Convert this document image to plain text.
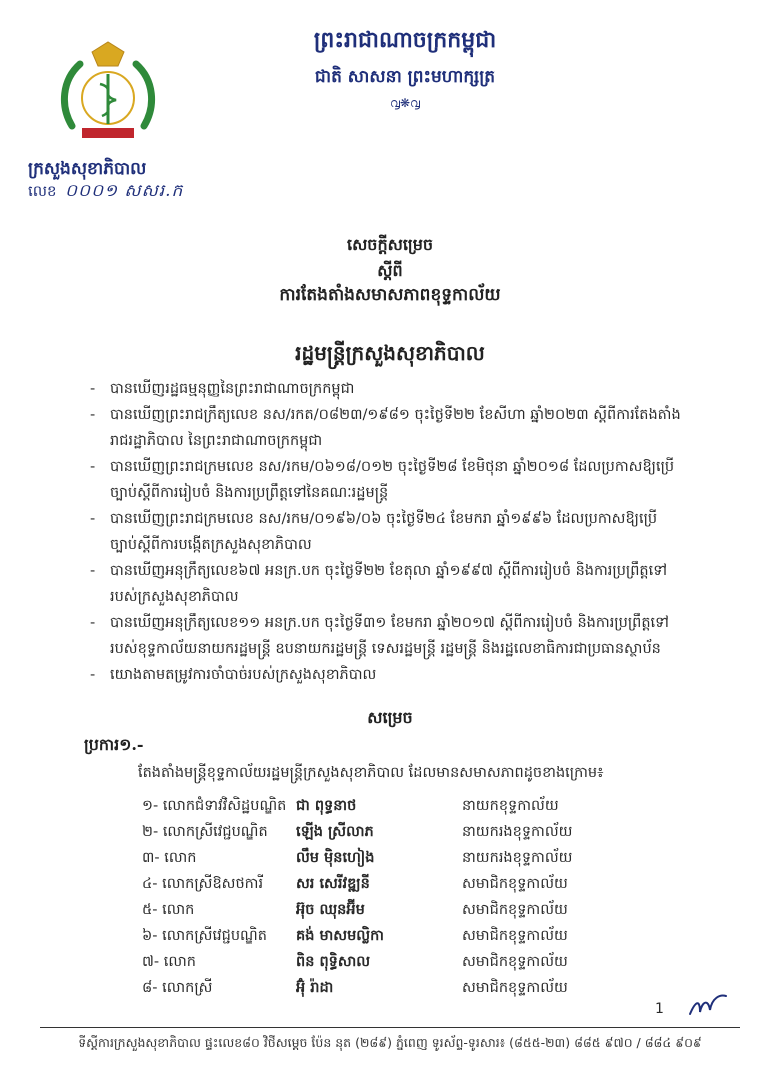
ព្រះរាជាណាចក្រកម្ពុជា
ជាតិ សាសនា ព្រះមហាក្សត្រ
൮❋൮
ក្រសួងសុខាភិបាល
លេខ ០០០១ សសរ.ក
សេចក្តីសម្រេច
ស្តីពី
ការតែងតាំងសមាសភាពខុទ្ទកាល័យ
រដ្ឋមន្ត្រីក្រសួងសុខាភិបាល
- បានឃើញរដ្ឋធម្មនុញ្ញនៃព្រះរាជាណាចក្រកម្ពុជា
- បានឃើញព្រះរាជក្រឹត្យលេខ នស/រកត/០៨២៣/១៩៨១ ចុះថ្ងៃទី២២ ខែសីហា ឆ្នាំ២០២៣ ស្តីពីការតែងតាំងរាជរដ្ឋាភិបាល នៃព្រះរាជាណាចក្រកម្ពុជា
- បានឃើញព្រះរាជក្រមលេខ នស/រកម/០៦១៨/០១២ ចុះថ្ងៃទី២៨ ខែមិថុនា ឆ្នាំ២០១៨ ដែលប្រកាសឱ្យប្រើច្បាប់ស្តីពីការរៀបចំ និងការប្រព្រឹត្តទៅនៃគណៈរដ្ឋមន្ត្រី
- បានឃើញព្រះរាជក្រមលេខ នស/រកម/០១៩៦/០៦ ចុះថ្ងៃទី២៤ ខែមករា ឆ្នាំ១៩៩៦ ដែលប្រកាសឱ្យប្រើច្បាប់ស្តីពីការបង្កើតក្រសួងសុខាភិបាល
- បានឃើញអនុក្រឹត្យលេខ៦៧ អនក្រ.បក ចុះថ្ងៃទី២២ ខែតុលា ឆ្នាំ១៩៩៧ ស្តីពីការរៀបចំ និងការប្រព្រឹត្តទៅរបស់ក្រសួងសុខាភិបាល
- បានឃើញអនុក្រឹត្យលេខ១១ អនក្រ.បក ចុះថ្ងៃទី៣១ ខែមករា ឆ្នាំ២០១៧ ស្តីពីការរៀបចំ និងការប្រព្រឹត្តទៅរបស់ខុទ្ទកាល័យនាយករដ្ឋមន្ត្រី ឧបនាយករដ្ឋមន្ត្រី ទេសរដ្ឋមន្ត្រី រដ្ឋមន្ត្រី និងរដ្ឋលេខាធិការជាប្រធានស្ថាប័ន
- យោងតាមតម្រូវការចាំបាច់របស់ក្រសួងសុខាភិបាល
សម្រេច
ប្រការ១.-
តែងតាំងមន្ត្រីខុទ្ទកាល័យរដ្ឋមន្ត្រីក្រសួងសុខាភិបាល ដែលមានសមាសភាពដូចខាងក្រោម៖
១- លោកជំទាវវិសិដ្ឋបណ្ឌិត ជា ពុទ្ធនាថ	នាយកខុទ្ទកាល័យ
២- លោកស្រីវេជ្ជបណ្ឌិត ឡើង ស្រីលាភ	នាយករងខុទ្ទកាល័យ
៣- លោក	លឹម ម៉ិនហៀង	នាយករងខុទ្ទកាល័យ
៤- លោកស្រីឱសថការី សរ សេរីវឌ្ឍនី	សមាជិកខុទ្ទកាល័យ
៥- លោក	អ៊ុច ឈុនអ៊ីម	សមាជិកខុទ្ទកាល័យ
៦- លោកស្រីវេជ្ជបណ្ឌិត គង់ មាសមល្លិកា	សមាជិកខុទ្ទកាល័យ
៧- លោក	ពិន ពុទ្ធិសាល	សមាជិកខុទ្ទកាល័យ
៨- លោកស្រី	អ៊ុំ រ៉ាដា	សមាជិកខុទ្ទកាល័យ
1
ទីស្តីការក្រសួងសុខាភិបាល ផ្ទះលេខ៨០ វិថីសម្តេច ប៉ែន នុត (២៨៩) ភ្នំពេញ ទូរស័ព្ទ-ទូរសារ៖ (៨៥៥-២៣) ៨៨៥ ៩៧០ / ៨៨៤ ៩០៩
